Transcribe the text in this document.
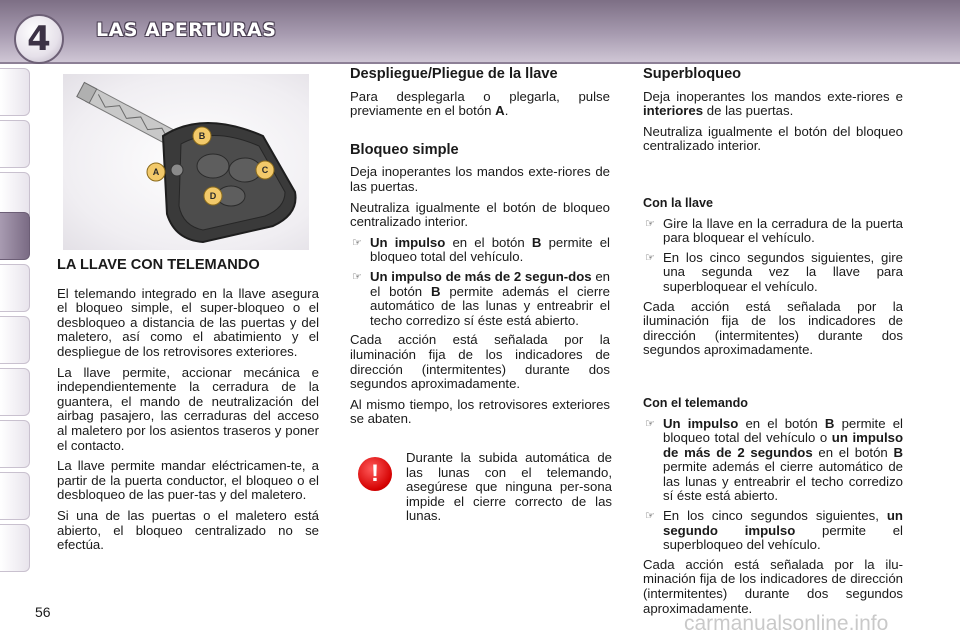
4	LAS APERTURAS
A
B
C
D
LA LLAVE CON TELEMANDO

El telemando integrado en la llave asegura el bloqueo simple, el super-bloqueo o el desbloqueo a distancia de las puertas y del maletero, así como el abatimiento y el despliegue de los retrovisores exteriores.

La llave permite, accionar mecánica e independientemente la cerradura de la guantera, el mando de neutralización del airbag pasajero, las cerraduras del acceso al maletero por los asientos traseros y poner el contacto.

La llave permite mandar eléctricamen-te, a partir de la puerta conductor, el bloqueo o el desbloqueo de las puer-tas y del maletero.

Si una de las puertas o el maletero está abierto, el bloqueo centralizado no se efectúa.

Despliegue/Pliegue de la llave

Para desplegarla o plegarla, pulse previamente en el botón A.

Bloqueo simple

Deja inoperantes los mandos exte-riores de las puertas.

Neutraliza igualmente el botón de bloqueo centralizado interior.

☞ Un impulso en el botón B permite el bloqueo total del vehículo.
☞ Un impulso de más de 2 segun-dos en el botón B permite además el cierre automático de las lunas y entreabrir el techo corredizo sí éste está abierto.

Cada acción está señalada por la iluminación fija de los indicadores de dirección (intermitentes) durante dos segundos aproximadamente.

Al mismo tiempo, los retrovisores exteriores se abaten.

!
Durante la subida automática de las lunas con el telemando, asegúrese que ninguna per-sona impide el cierre correcto de las lunas.
Superbloqueo

Deja inoperantes los mandos exte-riores e interiores de las puertas.

Neutraliza igualmente el botón del bloqueo centralizado interior.

Con la llave
☞ Gire la llave en la cerradura de la puerta para bloquear el vehículo.
☞ En los cinco segundos siguientes, gire una segunda vez la llave para superbloquear el vehículo.

Cada acción está señalada por la iluminación fija de los indicadores de dirección (intermitentes) durante dos segundos aproximadamente.

Con el telemando
☞ Un impulso en el botón B permite el bloqueo total del vehículo o un impulso de más de 2 segundos en el botón B permite además el cierre automático de las lunas y entreabrir el techo corredizo sí éste está abierto.
☞ En los cinco segundos siguientes, un segundo impulso permite el superbloqueo del vehículo.

Cada acción está señalada por la ilu-minación fija de los indicadores de dirección (intermitentes) durante dos segundos aproximadamente.

56	carmanualsonline.info
